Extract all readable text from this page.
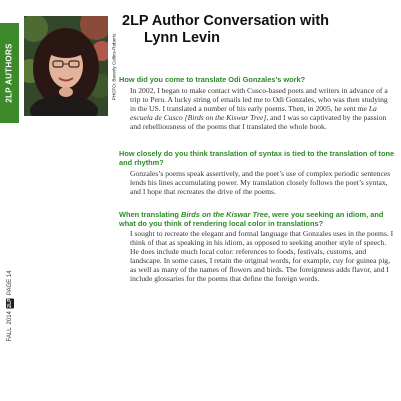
2LP AUTHORS
FALL
2014
2LP
PAGE 14
PHOTO: Beverly Collins-Roberts
2LP Author Conversation with
Lynn Levin
How did you come to translate Odi Gonzales’s work?

In 2002, I began to make contact with Cusco-based poets and writers in advance of a trip to Peru. A lucky string of emails led me to Odi Gonzales, who was then studying in the US. I translated a number of his early poems. Then, in 2005, he sent me La escuela de Cusco [Birds on the Kiswar Tree], and I was so captivated by the passion and rebelliousness of the poems that I translated the whole book.

How closely do you think translation of syntax is tied to the translation of tone and rhythm?
Gonzales’s poems speak assertively, and the poet’s use of complex periodic sentences lends his lines accumulating power. My translation closely follows the poet’s syntax, and I hope that recreates the drive of the poems.
When translating Birds on the Kiswar Tree, were you seeking an idiom, and what do you think of rendering local color in translations?
I sought to recreate the elegant and formal language that Gonzales uses in the poems. I think of that as speaking in his idiom, as opposed to seeking another style of speech. He does include much local color: references to foods, festivals, customs, and landscape. In some cases, I retain the original words, for example, cuy for guinea pig, as well as many of the names of flowers and birds. The foreignness adds flavor, and I include glossaries for the poems that define the foreign words.
